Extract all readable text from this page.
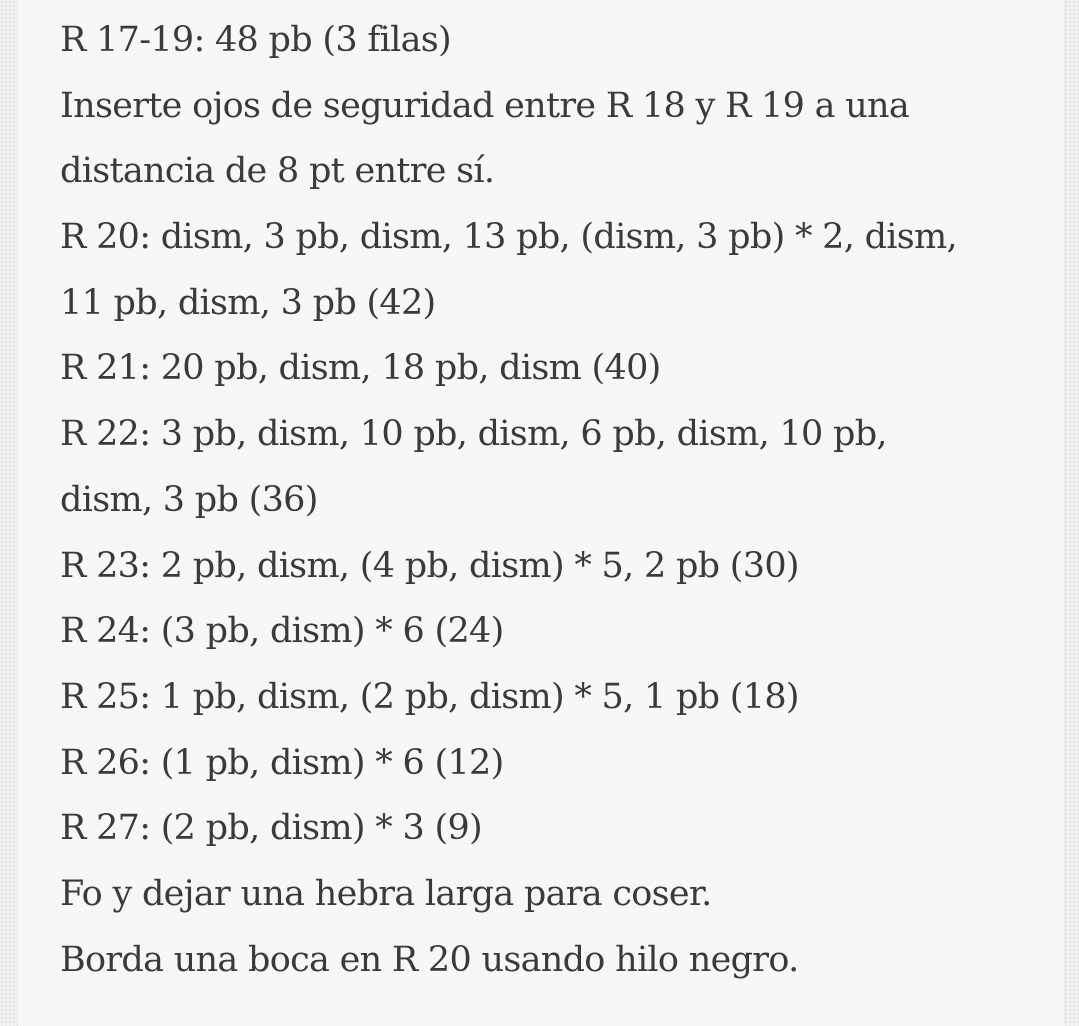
R 17-19: 48 pb (3 filas)
Inserte ojos de seguridad entre R 18 y R 19 a una
distancia de 8 pt entre sí.
R 20: dism, 3 pb, dism, 13 pb, (dism, 3 pb) * 2, dism,
11 pb, dism, 3 pb (42)
R 21: 20 pb, dism, 18 pb, dism (40)
R 22: 3 pb, dism, 10 pb, dism, 6 pb, dism, 10 pb,
dism, 3 pb (36)
R 23: 2 pb, dism, (4 pb, dism) * 5, 2 pb (30)
R 24: (3 pb, dism) * 6 (24)
R 25: 1 pb, dism, (2 pb, dism) * 5, 1 pb (18)
R 26: (1 pb, dism) * 6 (12)
R 27: (2 pb, dism) * 3 (9)
Fo y dejar una hebra larga para coser.
Borda una boca en R 20 usando hilo negro.
